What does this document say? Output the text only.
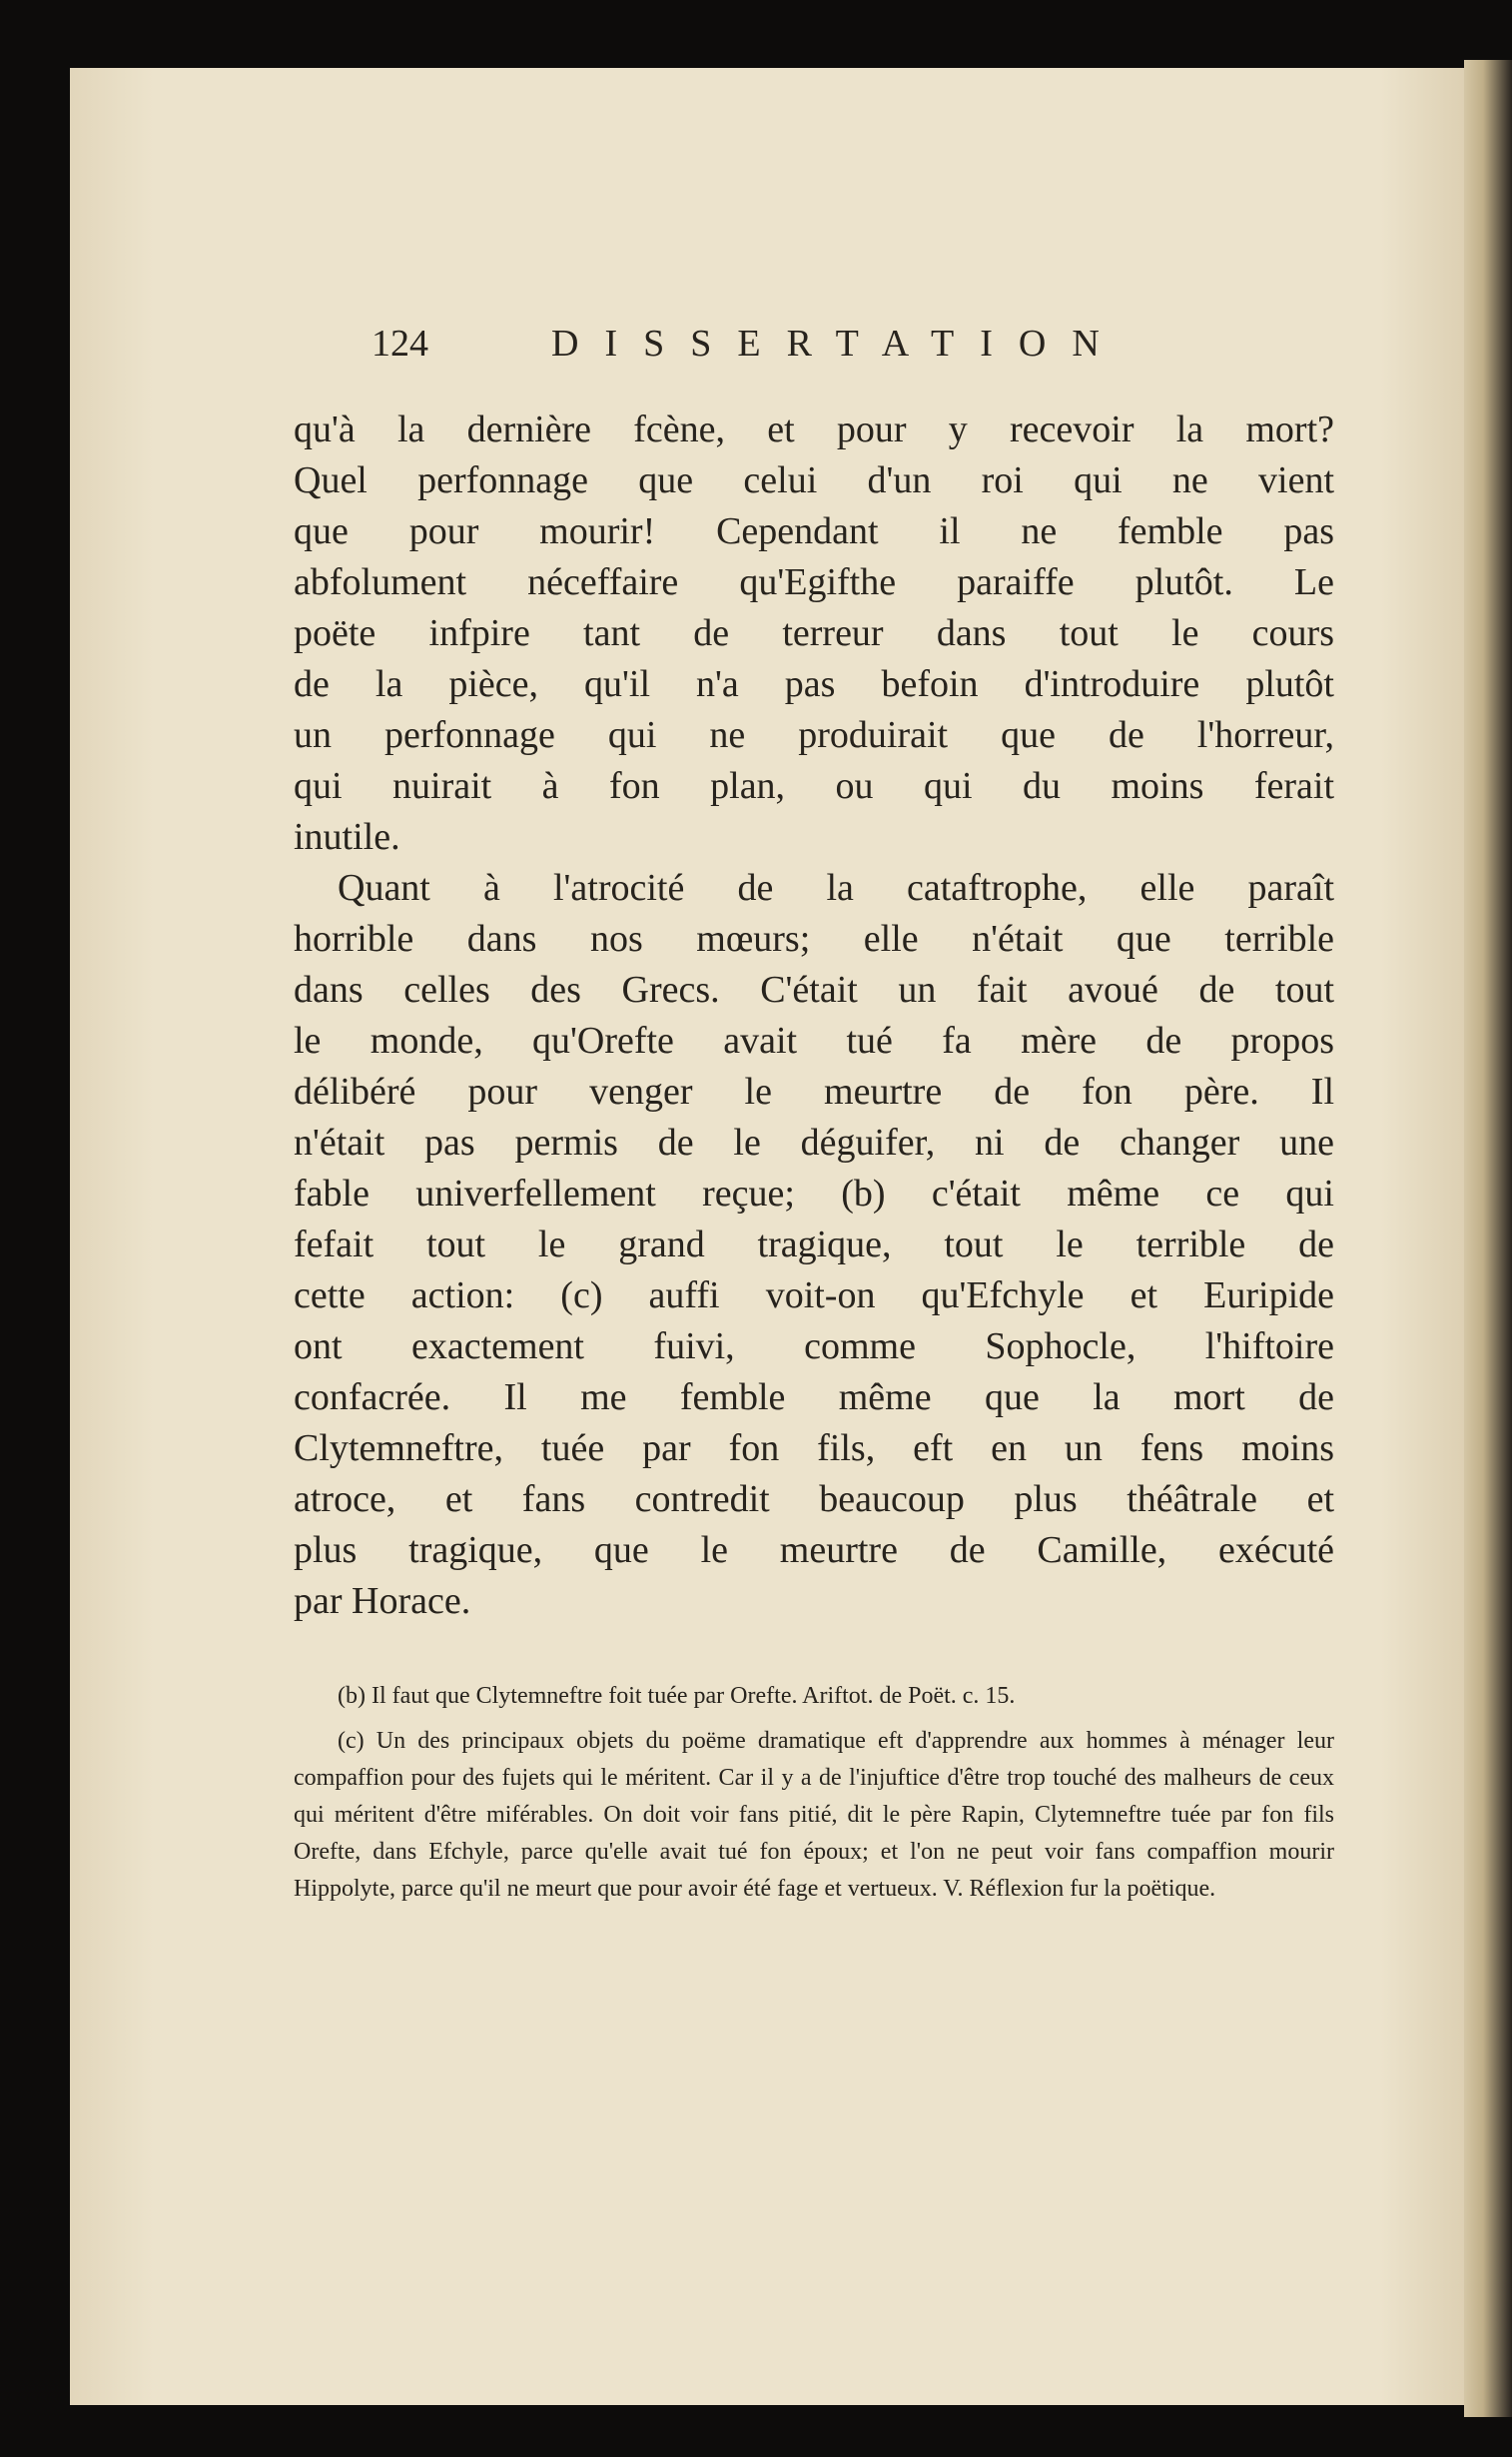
124	DISSERTATION

qu'à la dernière fcène, et pour y recevoir la mort?
Quel perfonnage que celui d'un roi qui ne vient
que pour mourir! Cependant il ne femble pas
abfolument néceffaire qu'Egifthe paraiffe plutôt. Le
poëte infpire tant de terreur dans tout le cours
de la pièce, qu'il n'a pas befoin d'introduire plutôt
un perfonnage qui ne produirait que de l'horreur,
qui nuirait à fon plan, ou qui du moins ferait
inutile.

Quant à l'atrocité de la cataftrophe, elle paraît
horrible dans nos mœurs; elle n'était que terrible
dans celles des Grecs. C'était un fait avoué de tout
le monde, qu'Orefte avait tué fa mère de propos
délibéré pour venger le meurtre de fon père. Il
n'était pas permis de le déguifer, ni de changer une
fable univerfellement reçue; (b) c'était même ce qui
fefait tout le grand tragique, tout le terrible de
cette action: (c) auffi voit-on qu'Efchyle et Euripide
ont exactement fuivi, comme Sophocle, l'hiftoire
confacrée. Il me femble même que la mort de
Clytemneftre, tuée par fon fils, eft en un fens moins
atroce, et fans contredit beaucoup plus théâtrale et
plus tragique, que le meurtre de Camille, exécuté
par Horace.

(b) Il faut que Clytemneftre foit tuée par Orefte. Ariftot. de Poët. c. 15.

(c) Un des principaux objets du poëme dramatique eft d'apprendre aux hommes à ménager leur compaffion pour des fujets qui le méritent. Car il y a de l'injuftice d'être trop touché des malheurs de ceux qui méritent d'être miférables. On doit voir fans pitié, dit le père Rapin, Clytemneftre tuée par fon fils Orefte, dans Efchyle, parce qu'elle avait tué fon époux; et l'on ne peut voir fans compaffion mourir Hippolyte, parce qu'il ne meurt que pour avoir été fage et vertueux. V. Réflexion fur la poëtique.
